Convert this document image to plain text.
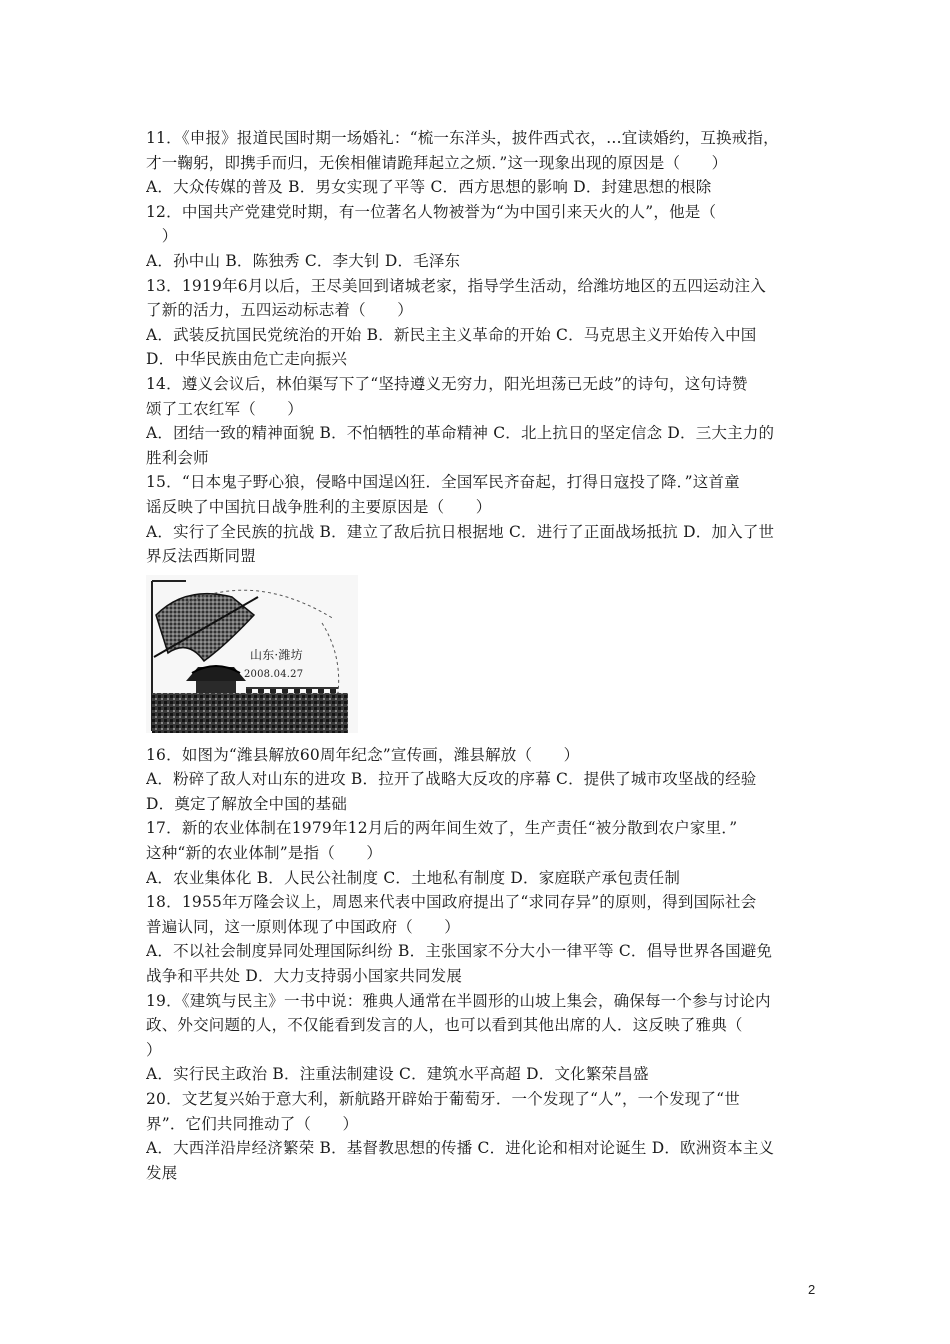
11．《申报》报道民国时期一场婚礼：“梳一东洋头，披件西式衣，…宜读婚约，互换戒指，
才一鞠躬，即携手而归，无俟相催请跪拜起立之烦．”这一现象出现的原因是（　　）
A．大众传媒的普及 B．男女实现了平等 C．西方思想的影响 D．封建思想的根除
12．中国共产党建党时期，有一位著名人物被誉为“为中国引来天火的人”，他是（
　）
A．孙中山 B．陈独秀 C．李大钊 D．毛泽东
13．1919年6月以后，王尽美回到诸城老家，指导学生活动，给潍坊地区的五四运动注入
了新的活力，五四运动标志着（　　）
A．武装反抗国民党统治的开始 B．新民主主义革命的开始 C．马克思主义开始传入中国
D．中华民族由危亡走向振兴
14．遵义会议后，林伯渠写下了“坚持遵义无穷力，阳光坦荡已无歧”的诗句，这句诗赞
颂了工农红军（　　）
A．团结一致的精神面貌 B．不怕牺牲的革命精神 C．北上抗日的坚定信念 D．三大主力的
胜利会师
15．“日本鬼子野心狼，侵略中国逞凶狂．全国军民齐奋起，打得日寇投了降．”这首童
谣反映了中国抗日战争胜利的主要原因是（　　）
A．实行了全民族的抗战 B．建立了敌后抗日根据地 C．进行了正面战场抵抗 D．加入了世
界反法西斯同盟
山东·潍坊
2008.04.27
16．如图为“潍县解放60周年纪念”宣传画，潍县解放（　　）
A．粉碎了敌人对山东的进攻 B．拉开了战略大反攻的序幕 C．提供了城市攻坚战的经验
D．奠定了解放全中国的基础
17．新的农业体制在1979年12月后的两年间生效了，生产责任“被分散到农户家里．”
这种“新的农业体制”是指（　　）
A．农业集体化 B．人民公社制度 C．土地私有制度 D．家庭联产承包责任制
18．1955年万隆会议上，周恩来代表中国政府提出了“求同存异”的原则，得到国际社会
普遍认同，这一原则体现了中国政府（　　）
A．不以社会制度异同处理国际纠纷 B．主张国家不分大小一律平等 C．倡导世界各国避免
战争和平共处 D．大力支持弱小国家共同发展
19．《建筑与民主》一书中说：雅典人通常在半圆形的山坡上集会，确保每一个参与讨论内
政、外交问题的人，不仅能看到发言的人，也可以看到其他出席的人．这反映了雅典（
）
A．实行民主政治 B．注重法制建设 C．建筑水平高超 D．文化繁荣昌盛
20．文艺复兴始于意大利，新航路开辟始于葡萄牙．一个发现了“人”，一个发现了“世
界”．它们共同推动了（　　）
A．大西洋沿岸经济繁荣 B．基督教思想的传播 C．进化论和相对论诞生 D．欧洲资本主义
发展
2
